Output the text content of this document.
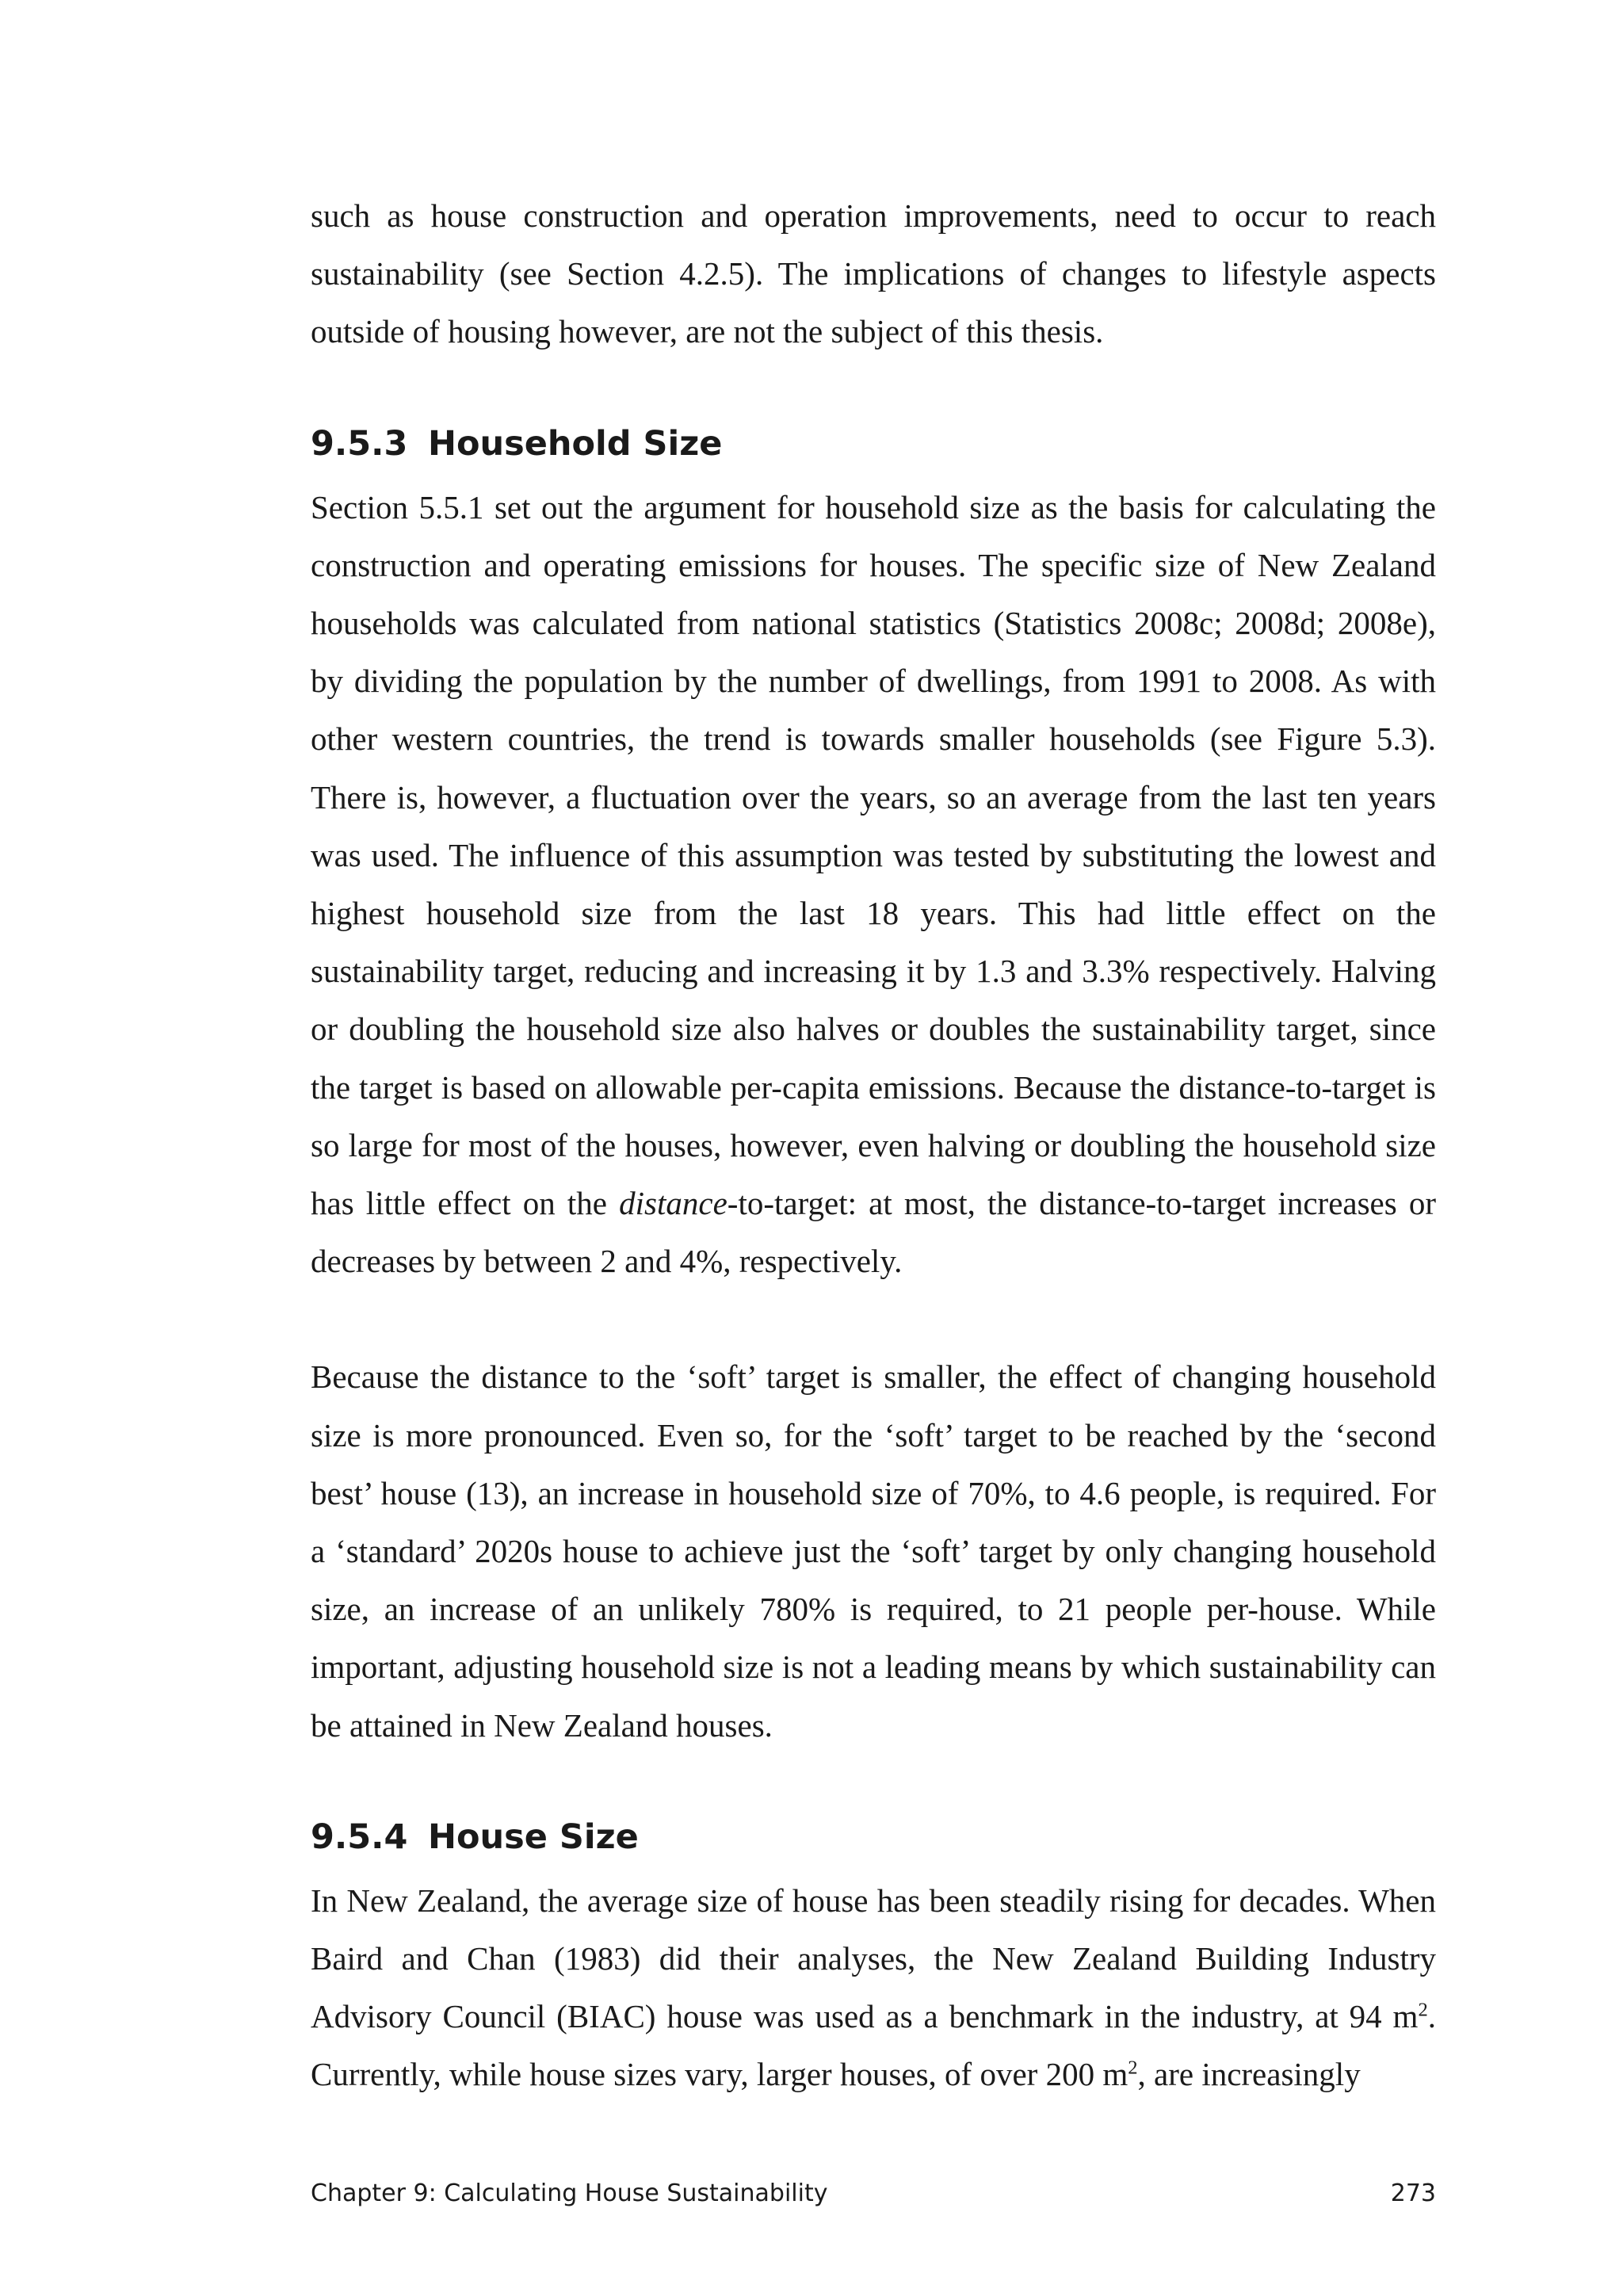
such as house construction and operation improvements, need to occur to reach sustainability (see Section 4.2.5). The implications of changes to lifestyle aspects outside of housing however, are not the subject of this thesis.

9.5.3 Household Size

Section 5.5.1 set out the argument for household size as the basis for calculating the construction and operating emissions for houses. The specific size of New Zealand households was calculated from national statistics (Statistics 2008c; 2008d; 2008e), by dividing the population by the number of dwellings, from 1991 to 2008. As with other western countries, the trend is towards smaller households (see Figure 5.3). There is, however, a fluctuation over the years, so an average from the last ten years was used. The influence of this assumption was tested by substituting the lowest and highest household size from the last 18 years. This had little effect on the sustainability target, reducing and increasing it by 1.3 and 3.3% respectively. Halving or doubling the household size also halves or doubles the sustainability target, since the target is based on allowable per-capita emissions. Because the distance-to-target is so large for most of the houses, however, even halving or doubling the household size has little effect on the distance-to-target: at most, the distance-to-target increases or decreases by between 2 and 4%, respectively.

Because the distance to the ‘soft’ target is smaller, the effect of changing household size is more pronounced. Even so, for the ‘soft’ target to be reached by the ‘second best’ house (13), an increase in household size of 70%, to 4.6 people, is required. For a ‘standard’ 2020s house to achieve just the ‘soft’ target by only changing household size, an increase of an unlikely 780% is required, to 21 people per-house. While important, adjusting household size is not a leading means by which sustainability can be attained in New Zealand houses.

9.5.4 House Size

In New Zealand, the average size of house has been steadily rising for decades. When Baird and Chan (1983) did their analyses, the New Zealand Building Industry Advisory Council (BIAC) house was used as a benchmark in the industry, at 94 $m^2$. Currently, while house sizes vary, larger houses, of over 200 $m^2$, are increasingly

Chapter 9: Calculating House Sustainability	273
